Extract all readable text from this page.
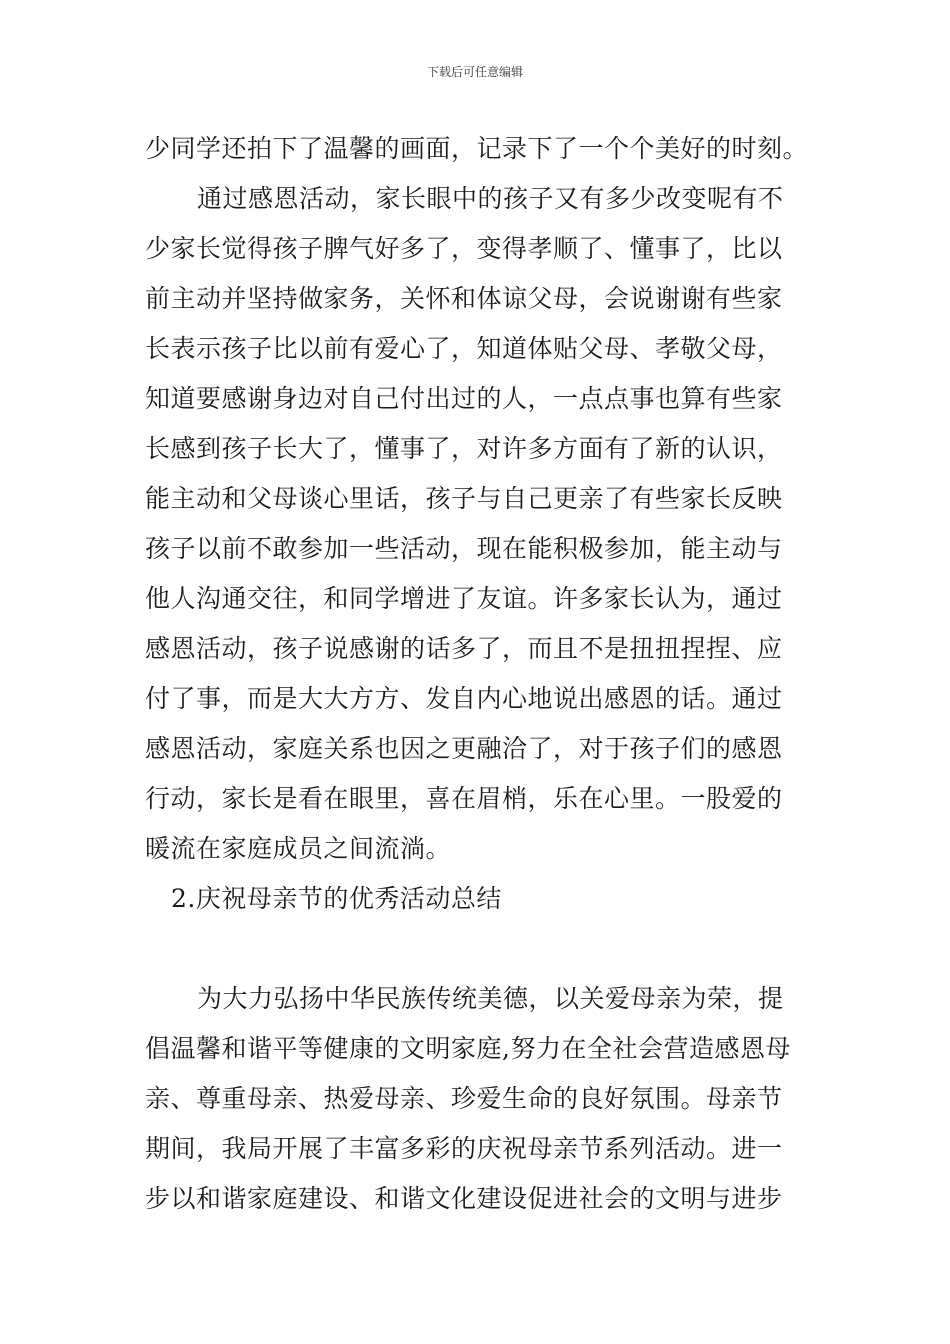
下载后可任意编辑
少同学还拍下了温馨的画面，记录下了一个个美好的时刻。
通过感恩活动，家长眼中的孩子又有多少改变呢有不
少家长觉得孩子脾气好多了，变得孝顺了、懂事了，比以
前主动并坚持做家务，关怀和体谅父母，会说谢谢有些家
长表示孩子比以前有爱心了，知道体贴父母、孝敬父母，
知道要感谢身边对自己付出过的人，一点点事也算有些家
长感到孩子长大了，懂事了，对许多方面有了新的认识，
能主动和父母谈心里话，孩子与自己更亲了有些家长反映
孩子以前不敢参加一些活动，现在能积极参加，能主动与
他人沟通交往，和同学增进了友谊。许多家长认为，通过
感恩活动，孩子说感谢的话多了，而且不是扭扭捏捏、应
付了事，而是大大方方、发自内心地说出感恩的话。通过
感恩活动，家庭关系也因之更融洽了，对于孩子们的感恩
行动，家长是看在眼里，喜在眉梢，乐在心里。一股爱的
暖流在家庭成员之间流淌。
2.庆祝母亲节的优秀活动总结
为大力弘扬中华民族传统美德，以关爱母亲为荣，提
倡温馨和谐平等健康的文明家庭,努力在全社会营造感恩母
亲、尊重母亲、热爱母亲、珍爱生命的良好氛围。母亲节
期间，我局开展了丰富多彩的庆祝母亲节系列活动。进一
步以和谐家庭建设、和谐文化建设促进社会的文明与进步
